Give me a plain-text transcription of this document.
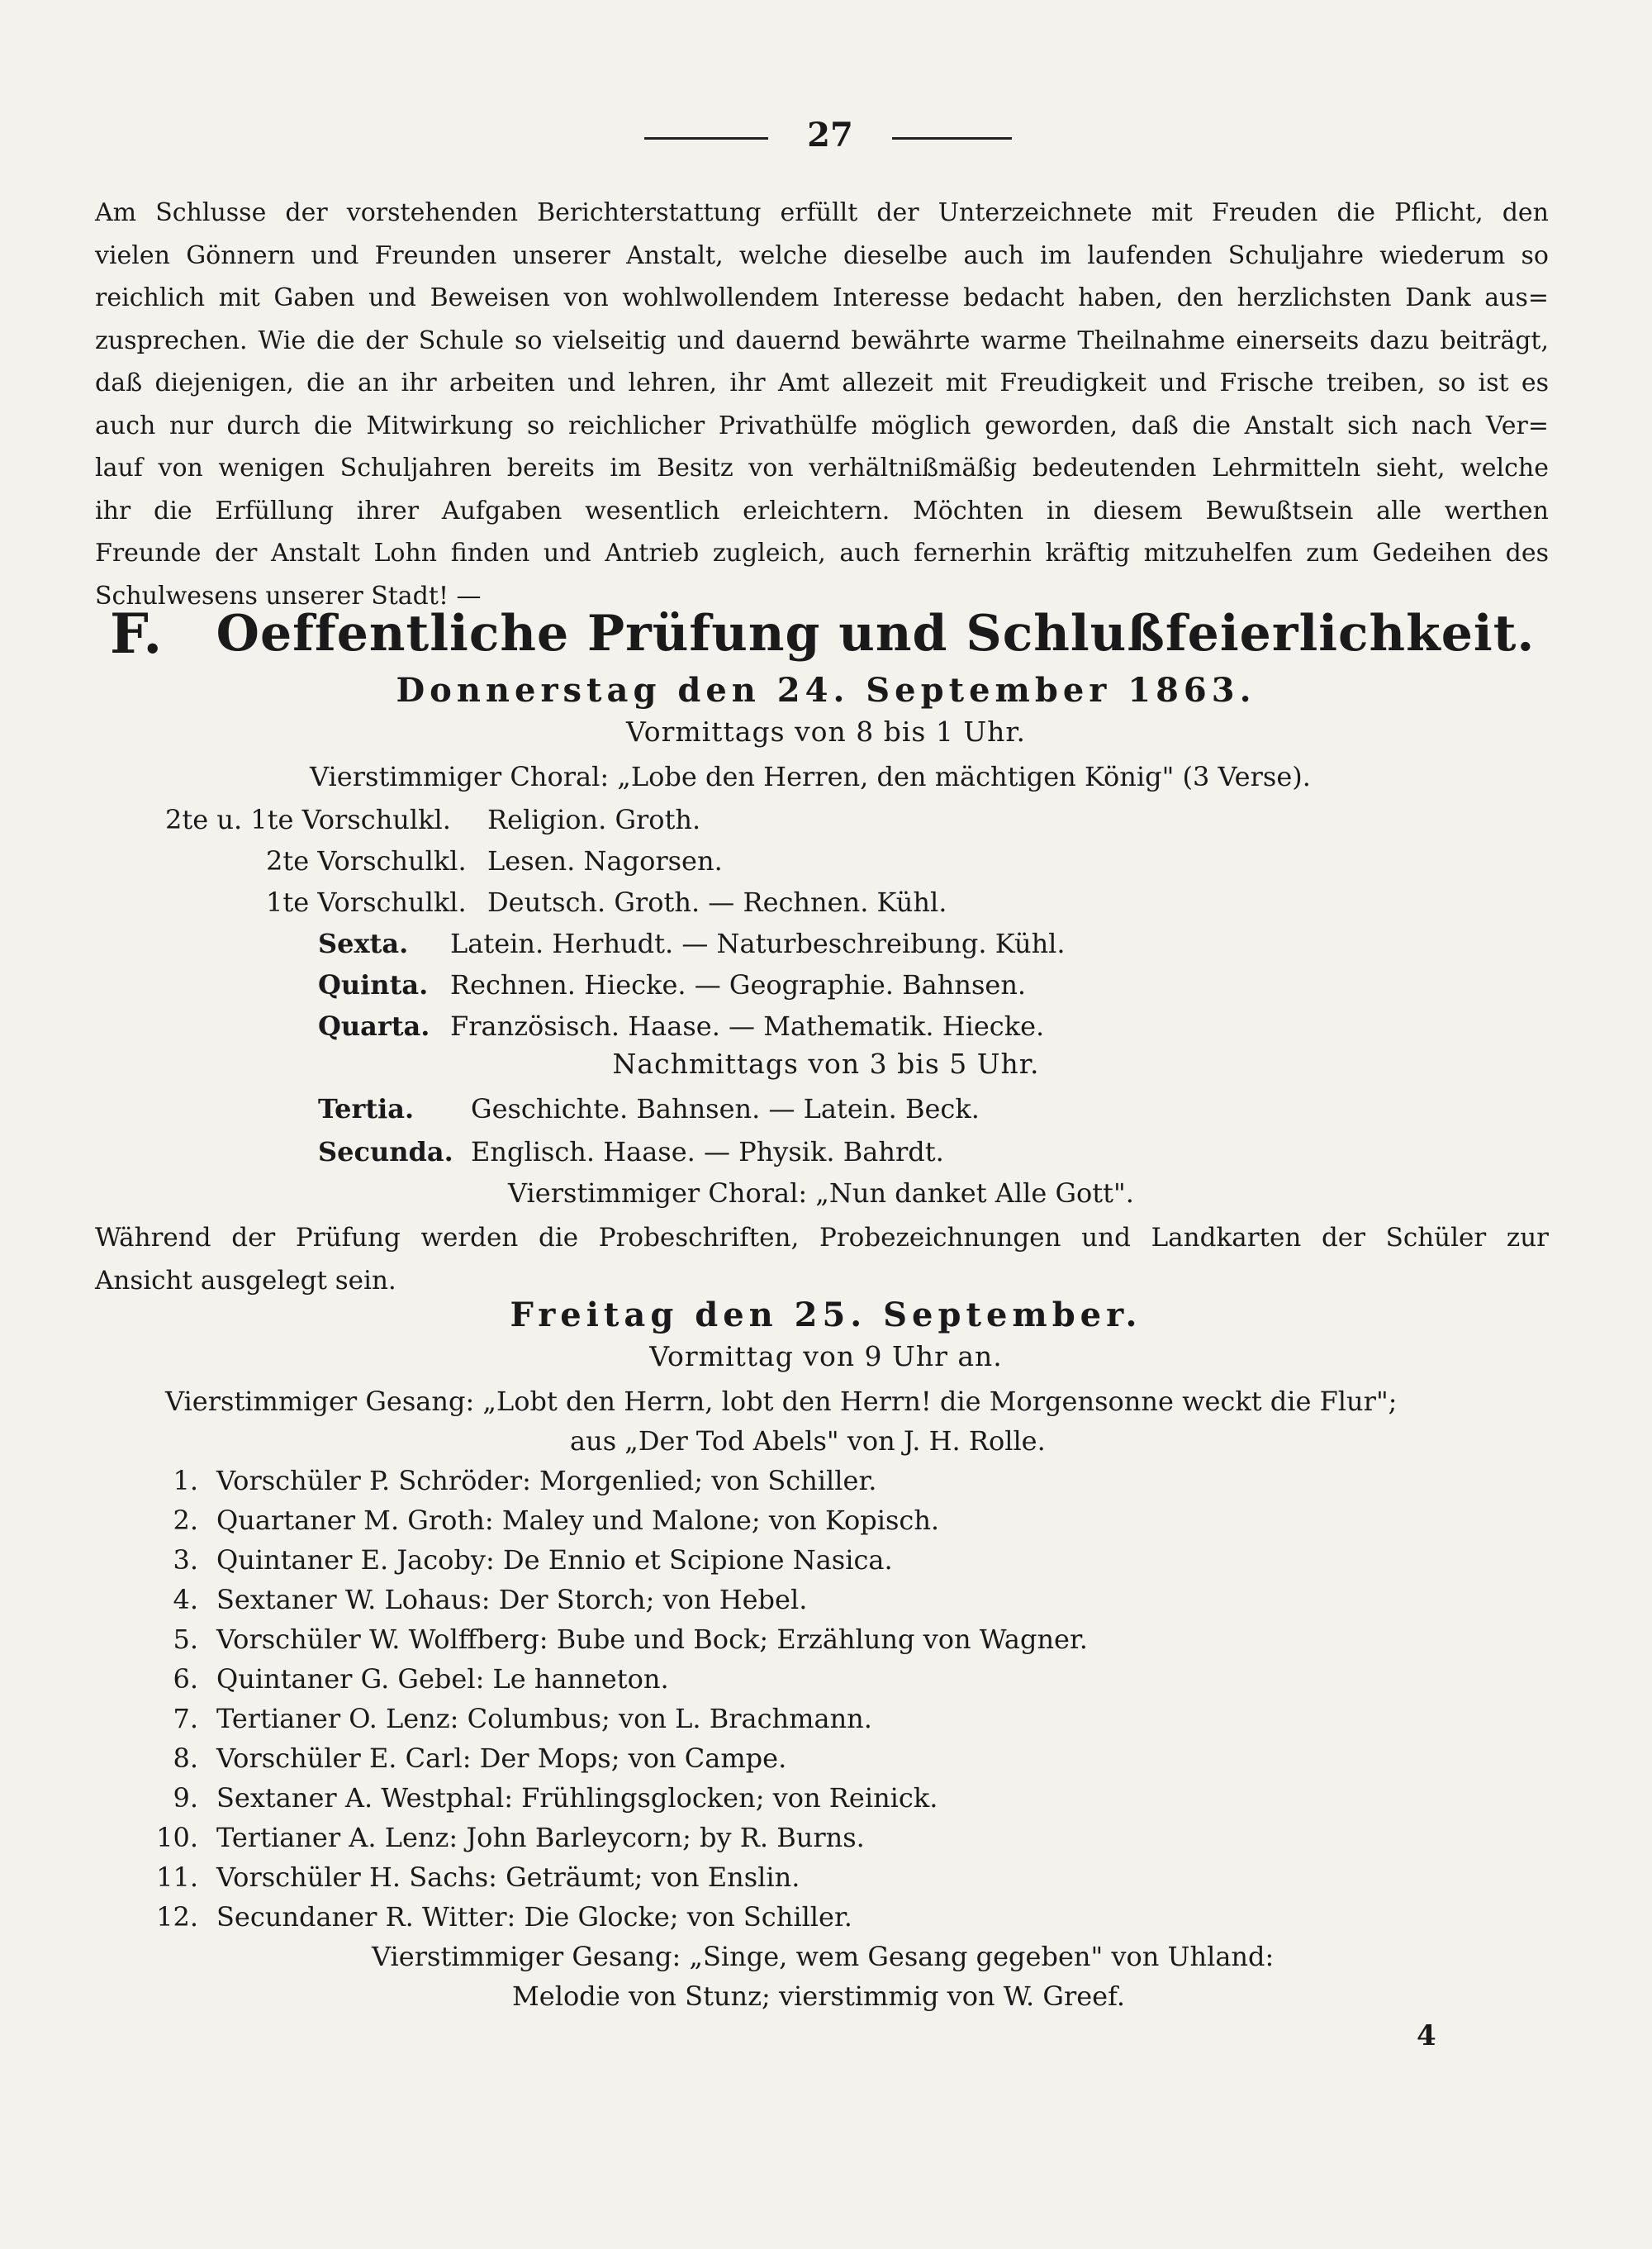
27
Am Schlusse der vorstehenden Berichterstattung erfüllt der Unterzeichnete mit Freuden die Pflicht, den
vielen Gönnern und Freunden unserer Anstalt, welche dieselbe auch im laufenden Schuljahre wiederum so
reichlich mit Gaben und Beweisen von wohlwollendem Interesse bedacht haben, den herzlichsten Dank aus=
zusprechen. Wie die der Schule so vielseitig und dauernd bewährte warme Theilnahme einerseits dazu beiträgt,
daß diejenigen, die an ihr arbeiten und lehren, ihr Amt allezeit mit Freudigkeit und Frische treiben, so ist es
auch nur durch die Mitwirkung so reichlicher Privathülfe möglich geworden, daß die Anstalt sich nach Ver=
lauf von wenigen Schuljahren bereits im Besitz von verhältnißmäßig bedeutenden Lehrmitteln sieht, welche
ihr die Erfüllung ihrer Aufgaben wesentlich erleichtern. Möchten in diesem Bewußtsein alle werthen
Freunde der Anstalt Lohn finden und Antrieb zugleich, auch fernerhin kräftig mitzuhelfen zum Gedeihen des
Schulwesens unserer Stadt! —
F. Oeffentliche Prüfung und Schlußfeierlichkeit.
Donnerstag den 24. September 1863.
Vormittags von 8 bis 1 Uhr.
Vierstimmiger Choral: „Lobe den Herren, den mächtigen König" (3 Verse).
2te u. 1te Vorschulkl. Religion. Groth.
2te Vorschulkl. Lesen. Nagorsen.
1te Vorschulkl. Deutsch. Groth. — Rechnen. Kühl.
Sexta. Latein. Herhudt. — Naturbeschreibung. Kühl.
Quinta. Rechnen. Hiecke. — Geographie. Bahnsen.
Quarta. Französisch. Haase. — Mathematik. Hiecke.
Nachmittags von 3 bis 5 Uhr.
Tertia. Geschichte. Bahnsen. — Latein. Beck.
Secunda. Englisch. Haase. — Physik. Bahrdt.
Vierstimmiger Choral: „Nun danket Alle Gott".
Während der Prüfung werden die Probeschriften, Probezeichnungen und Landkarten der Schüler zur
Ansicht ausgelegt sein.
Freitag den 25. September.
Vormittag von 9 Uhr an.
Vierstimmiger Gesang: „Lobt den Herrn, lobt den Herrn! die Morgensonne weckt die Flur";
aus „Der Tod Abels" von J. H. Rolle.
1. Vorschüler P. Schröder: Morgenlied; von Schiller.
2. Quartaner M. Groth: Maley und Malone; von Kopisch.
3. Quintaner E. Jacoby: De Ennio et Scipione Nasica.
4. Sextaner W. Lohaus: Der Storch; von Hebel.
5. Vorschüler W. Wolffberg: Bube und Bock; Erzählung von Wagner.
6. Quintaner G. Gebel: Le hanneton.
7. Tertianer O. Lenz: Columbus; von L. Brachmann.
8. Vorschüler E. Carl: Der Mops; von Campe.
9. Sextaner A. Westphal: Frühlingsglocken; von Reinick.
10. Tertianer A. Lenz: John Barleycorn; by R. Burns.
11. Vorschüler H. Sachs: Geträumt; von Enslin.
12. Secundaner R. Witter: Die Glocke; von Schiller.
Vierstimmiger Gesang: „Singe, wem Gesang gegeben" von Uhland:
Melodie von Stunz; vierstimmig von W. Greef.
4
